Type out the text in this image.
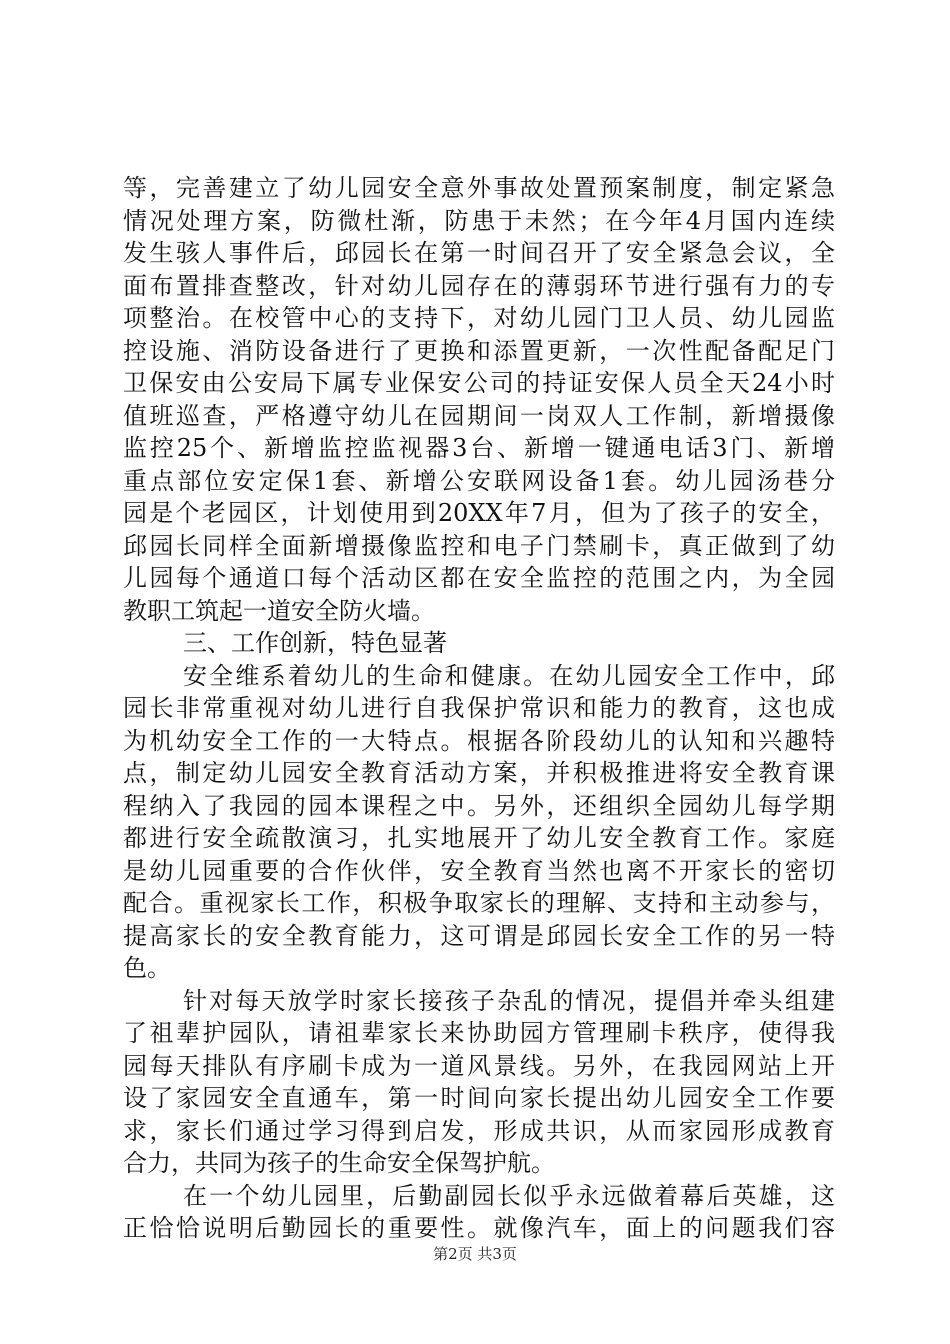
等，完善建立了幼儿园安全意外事故处置预案制度，制定紧急
情况处理方案，防微杜渐，防患于未然；在今年4月国内连续
发生骇人事件后，邱园长在第一时间召开了安全紧急会议，全
面布置排查整改，针对幼儿园存在的薄弱环节进行强有力的专
项整治。在校管中心的支持下，对幼儿园门卫人员、幼儿园监
控设施、消防设备进行了更换和添置更新，一次性配备配足门
卫保安由公安局下属专业保安公司的持证安保人员全天24小时
值班巡查，严格遵守幼儿在园期间一岗双人工作制，新增摄像
监控25个、新增监控监视器3台、新增一键通电话3门、新增
重点部位安定保1套、新增公安联网设备1套。幼儿园汤巷分
园是个老园区，计划使用到20XX年7月，但为了孩子的安全，
邱园长同样全面新增摄像监控和电子门禁刷卡，真正做到了幼
儿园每个通道口每个活动区都在安全监控的范围之内，为全园
教职工筑起一道安全防火墙。
三、工作创新，特色显著
安全维系着幼儿的生命和健康。在幼儿园安全工作中，邱
园长非常重视对幼儿进行自我保护常识和能力的教育，这也成
为机幼安全工作的一大特点。根据各阶段幼儿的认知和兴趣特
点，制定幼儿园安全教育活动方案，并积极推进将安全教育课
程纳入了我园的园本课程之中。另外，还组织全园幼儿每学期
都进行安全疏散演习，扎实地展开了幼儿安全教育工作。家庭
是幼儿园重要的合作伙伴，安全教育当然也离不开家长的密切
配合。重视家长工作，积极争取家长的理解、支持和主动参与，
提高家长的安全教育能力，这可谓是邱园长安全工作的另一特
色。
针对每天放学时家长接孩子杂乱的情况，提倡并牵头组建
了祖辈护园队，请祖辈家长来协助园方管理刷卡秩序，使得我
园每天排队有序刷卡成为一道风景线。另外，在我园网站上开
设了家园安全直通车，第一时间向家长提出幼儿园安全工作要
求，家长们通过学习得到启发，形成共识，从而家园形成教育
合力，共同为孩子的生命安全保驾护航。
在一个幼儿园里，后勤副园长似乎永远做着幕后英雄，这
正恰恰说明后勤园长的重要性。就像汽车，面上的问题我们容
第2页 共3页
